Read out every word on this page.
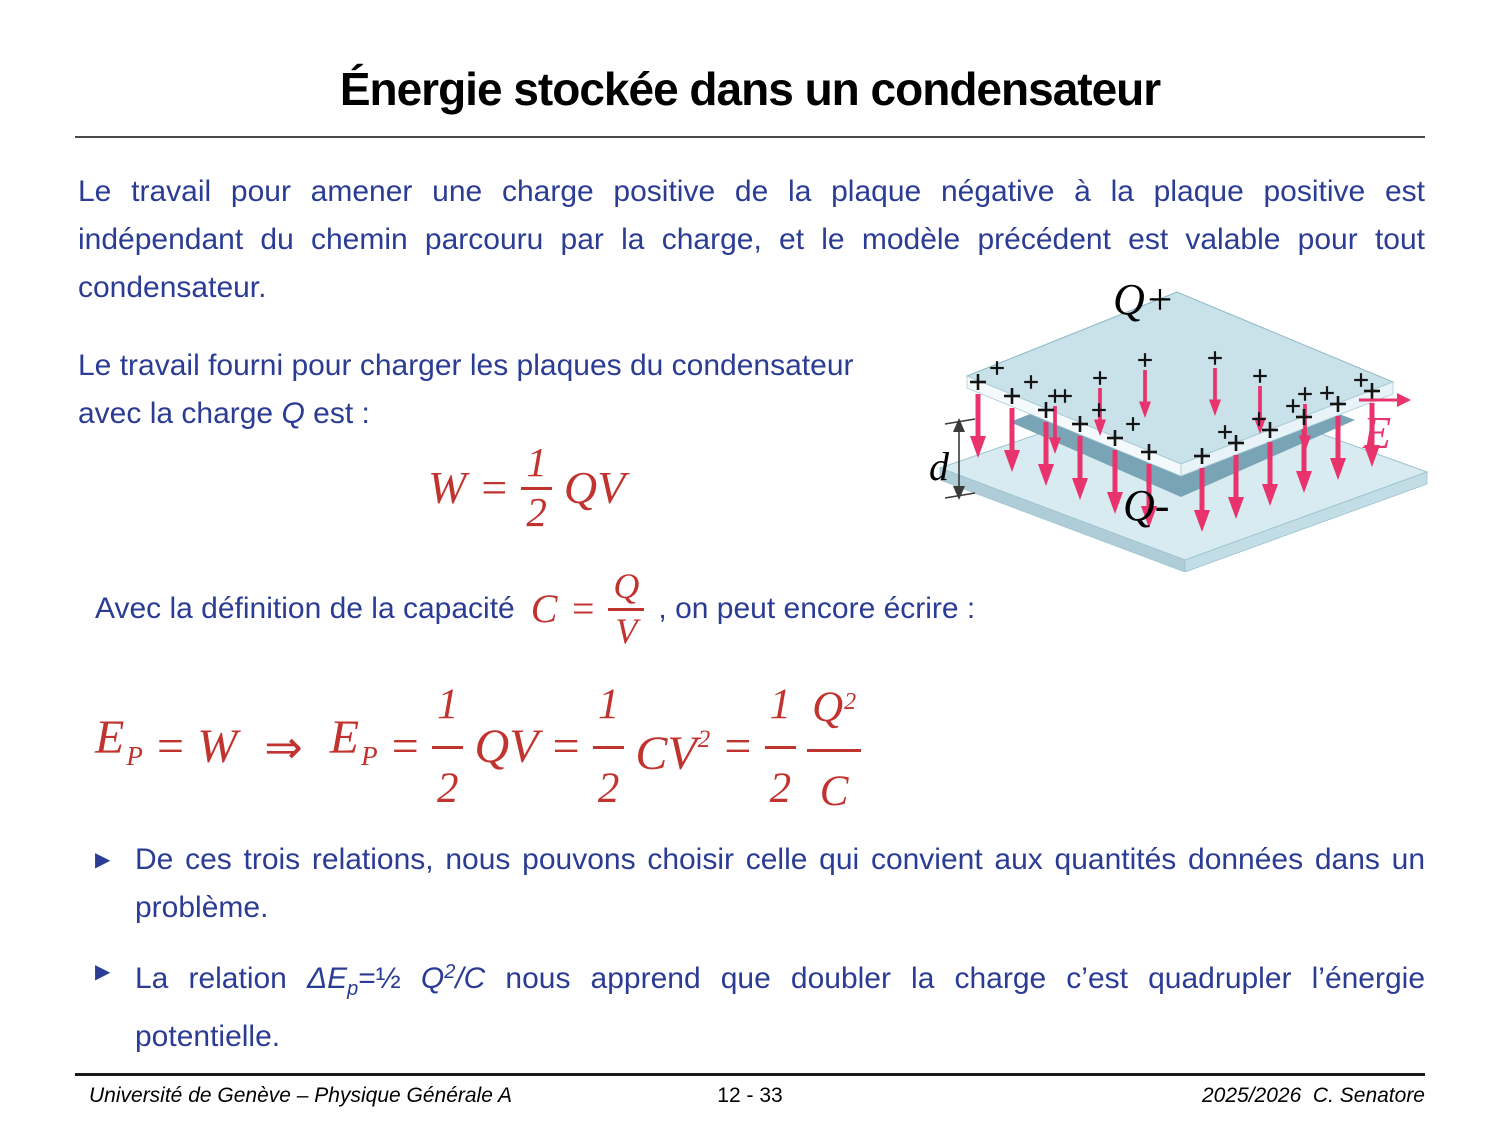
Énergie stockée dans un condensateur
Le travail pour amener une charge positive de la plaque négative à la plaque positive est indépendant du chemin parcouru par la charge, et le modèle précédent est valable pour tout condensateur.
Le travail fourni pour charger les plaques du condensateur
avec la charge Q est :
$W = \frac{1}{2}$ QV	d
Q+
Q-
E
Avec la définition de la capacité $C = \frac{Q}{V}$ , on peut encore écrire :
$E_P = W$ ⇒ $E_P = \frac{1}{2}$ QV = $\frac{1}{2} CV^2 = \frac{1}{2} \frac{Q^2}{C}$
▶ De ces trois relations, nous pouvons choisir celle qui convient aux quantités données dans un problème.
▶ La relation $\Delta E_p=\frac{1}{2}$ $Q^2/C$ nous apprend que doubler la charge c’est quadrupler l’énergie potentielle.
Université de Genève – Physique Générale A	12 - 33	2025/2026  C. Senatore
